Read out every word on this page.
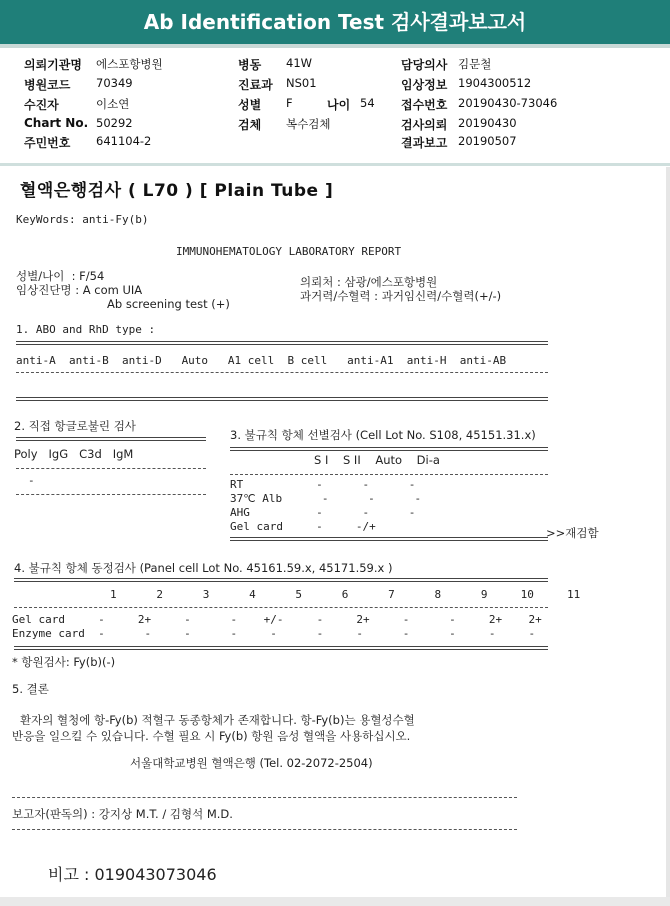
Ab Identification Test 검사결과보고서
의뢰기관명 에스포항병원
병원코드 70349
수진자	이소연
Chart No. 50292
주민번호 641104-2
병동 41W
진료과 NS01
성별 F	나이 54
검체 복수검체
담당의사 김문철
임상정보 1904300512
접수번호 20190430-73046
검사의뢰 20190430
결과보고 20190507
혈액은행검사 ( L70 ) [ Plain Tube ]
KeyWords: anti-Fy(b)
IMMUNOHEMATOLOGY LABORATORY REPORT
성별/나이  : F/54
임상진단명 : A com UIA
Ab screening test (+)
의뢰처 : 삼광/에스포항병원
과거력/수혈력 : 과거임신력/수혈력(+/-)
1. ABO and RhD type :
anti-A  anti-B  anti-D   Auto   A1 cell  B cell   anti-A1  anti-H  anti-AB
2. 직접 항글로불린 검사
Poly   IgG   C3d   IgM
-
3. 불규칙 항체 선별검사 (Cell Lot No. S108, 45151.31.x)
S I    S II    Auto    Di-a
RT           -      -      -
37℃ Alb      -      -      -
AHG          -      -      -
Gel card     -     -/+	>>재검함
4. 불규칙 항체 동정검사 (Panel cell Lot No. 45161.59.x, 45171.59.x )
1      2      3      4      5      6      7      8      9     10     11
Gel card     -     2+     -      -    +/-     -     2+     -      -     2+    2+
Enzyme card  -      -     -      -     -      -     -      -      -     -     -
* 항원검사: Fy(b)(-)
5. 결론
환자의 혈청에 항-Fy(b) 적혈구 동종항체가 존재합니다. 항-Fy(b)는 용혈성수혈
반응을 일으킬 수 있습니다. 수혈 필요 시 Fy(b) 항원 음성 혈액을 사용하십시오.
서울대학교병원 혈액은행 (Tel. 02-2072-2504)
보고자(판독의) : 강지상 M.T. / 김형석 M.D.
비고 : 019043073046
